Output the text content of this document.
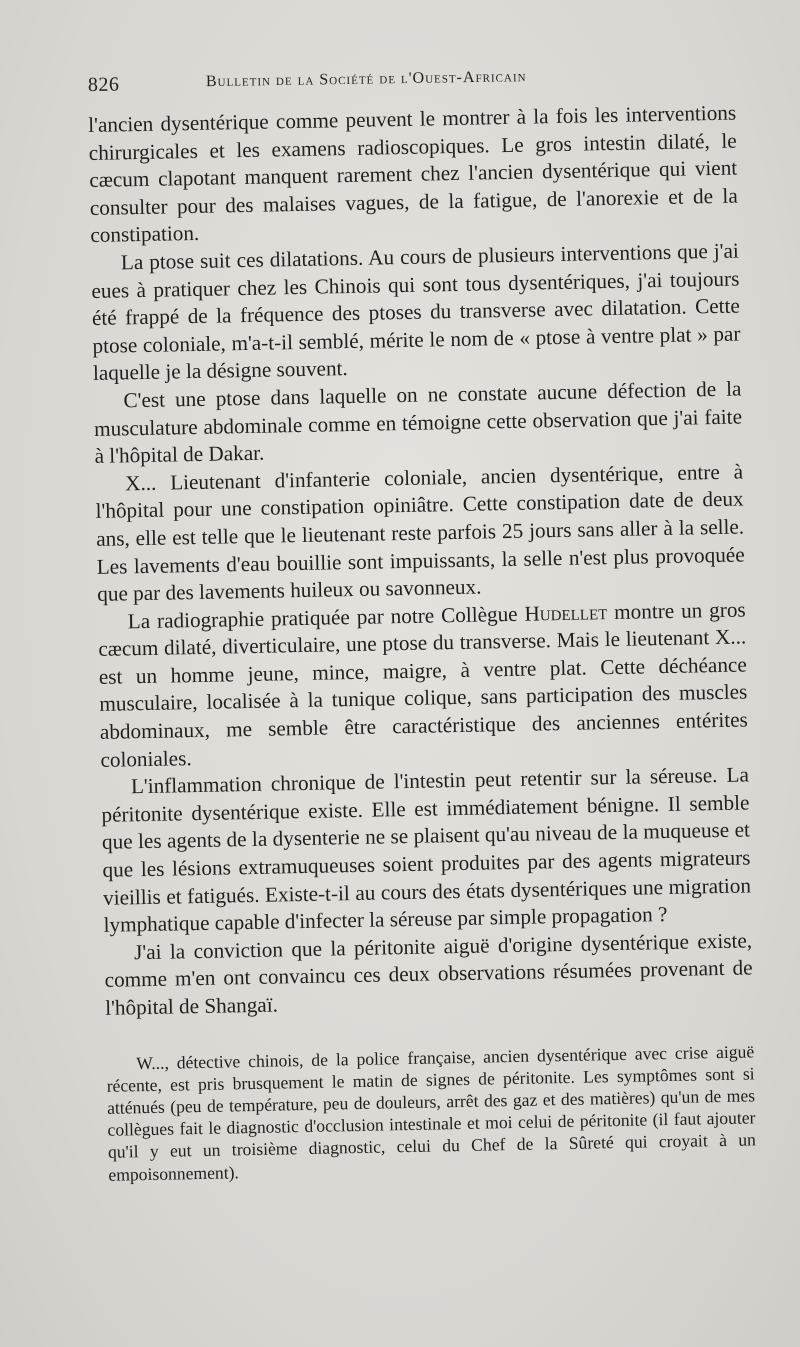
826	Bulletin de la Société de l'Ouest-Africain

l'ancien dysentérique comme peuvent le montrer à la fois les interventions chirurgicales et les examens radioscopiques. Le gros intestin dilaté, le cæcum clapotant manquent rarement chez l'ancien dysentérique qui vient consulter pour des malaises vagues, de la fatigue, de l'anorexie et de la constipation.

La ptose suit ces dilatations. Au cours de plusieurs interventions que j'ai eues à pratiquer chez les Chinois qui sont tous dysentériques, j'ai toujours été frappé de la fréquence des ptoses du transverse avec dilatation. Cette ptose coloniale, m'a-t-il semblé, mérite le nom de « ptose à ventre plat » par laquelle je la désigne souvent.

C'est une ptose dans laquelle on ne constate aucune défection de la musculature abdominale comme en témoigne cette observation que j'ai faite à l'hôpital de Dakar.

X... Lieutenant d'infanterie coloniale, ancien dysentérique, entre à l'hôpital pour une constipation opiniâtre. Cette constipation date de deux ans, elle est telle que le lieutenant reste parfois 25 jours sans aller à la selle. Les lavements d'eau bouillie sont impuissants, la selle n'est plus provoquée que par des lavements huileux ou savonneux.

La radiographie pratiquée par notre Collègue Hudellet montre un gros cæcum dilaté, diverticulaire, une ptose du transverse. Mais le lieutenant X... est un homme jeune, mince, maigre, à ventre plat. Cette déchéance musculaire, localisée à la tunique colique, sans participation des muscles abdominaux, me semble être caractéristique des anciennes entérites coloniales.

L'inflammation chronique de l'intestin peut retentir sur la séreuse. La péritonite dysentérique existe. Elle est immédiatement bénigne. Il semble que les agents de la dysenterie ne se plaisent qu'au niveau de la muqueuse et que les lésions extramuqueuses soient produites par des agents migrateurs vieillis et fatigués. Existe-t-il au cours des états dysentériques une migration lymphatique capable d'infecter la séreuse par simple propagation ?

J'ai la conviction que la péritonite aiguë d'origine dysentérique existe, comme m'en ont convaincu ces deux observations résumées provenant de l'hôpital de Shangaï.

W..., détective chinois, de la police française, ancien dysentérique avec crise aiguë récente, est pris brusquement le matin de signes de péritonite. Les symptômes sont si atténués (peu de température, peu de douleurs, arrêt des gaz et des matières) qu'un de mes collègues fait le diagnostic d'occlusion intestinale et moi celui de péritonite (il faut ajouter qu'il y eut un troisième diagnostic, celui du Chef de la Sûreté qui croyait à un empoisonnement).
